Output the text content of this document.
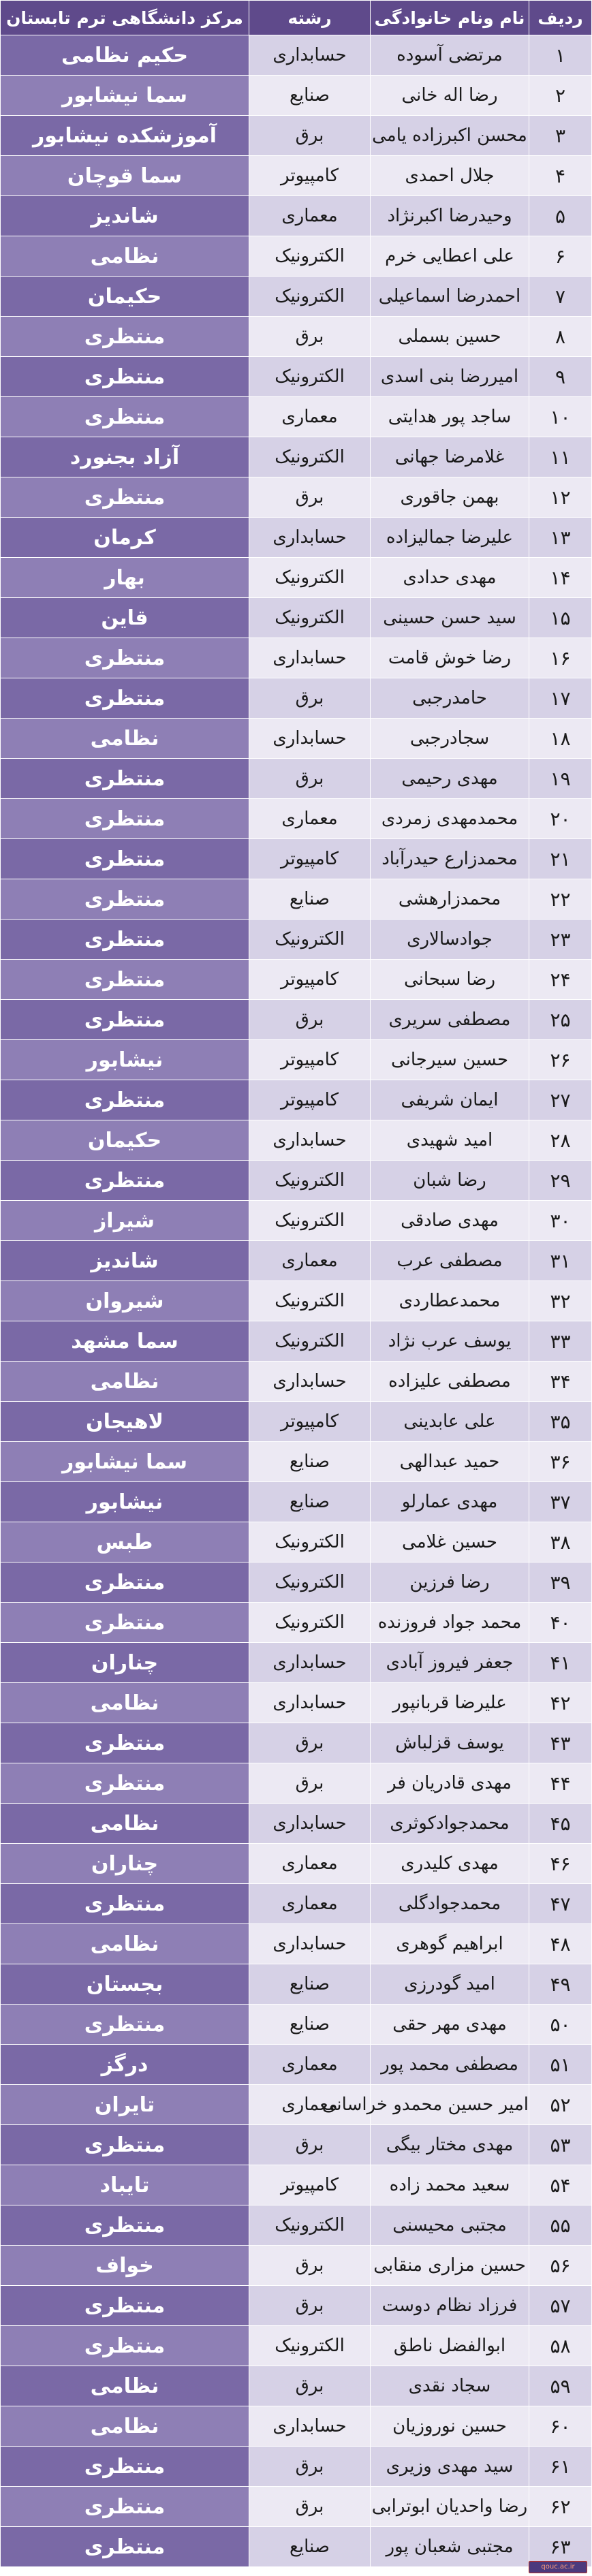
ردیف	نام ونام خانوادگی	رشته	مرکز دانشگاهی ترم تابستان
۱	مرتضی آسوده	حسابداری	حکیم نظامی
۲	رضا اله خانی	صنایع	سما نیشابور
۳	محسن اکبرزاده یامی	برق	آموزشکده نیشابور
۴	جلال احمدی	کامپیوتر	سما قوچان
۵	وحیدرضا اکبرنژاد	معماری	شاندیز
۶	علی اعطایی خرم	الکترونیک	نظامی
۷	احمدرضا اسماعیلی	الکترونیک	حکیمان
۸	حسین بسملی	برق	منتظری
۹	امیررضا بنی اسدی	الکترونیک	منتظری
۱۰	ساجد پور هدایتی	معماری	منتظری
۱۱	غلامرضا جهانی	الکترونیک	آزاد بجنورد
۱۲	بهمن جاقوری	برق	منتظری
۱۳	علیرضا جمالیزاده	حسابداری	کرمان
۱۴	مهدی حدادی	الکترونیک	بهار
۱۵	سید حسن حسینی	الکترونیک	قاین
۱۶	رضا خوش قامت	حسابداری	منتظری
۱۷	حامدرجبی	برق	منتظری
۱۸	سجادرجبی	حسابداری	نظامی
۱۹	مهدی رحیمی	برق	منتظری
۲۰	محمدمهدی زمردی	معماری	منتظری
۲۱	محمدزارع حیدرآباد	کامپیوتر	منتظری
۲۲	محمدزارهشی	صنایع	منتظری
۲۳	جوادسالاری	الکترونیک	منتظری
۲۴	رضا سبحانی	کامپیوتر	منتظری
۲۵	مصطفی سریری	برق	منتظری
۲۶	حسین سیرجانی	کامپیوتر	نیشابور
۲۷	ایمان شریفی	کامپیوتر	منتظری
۲۸	امید شهیدی	حسابداری	حکیمان
۲۹	رضا شبان	الکترونیک	منتظری
۳۰	مهدی صادقی	الکترونیک	شیراز
۳۱	مصطفی عرب	معماری	شاندیز
۳۲	محمدعطاردی	الکترونیک	شیروان
۳۳	یوسف عرب نژاد	الکترونیک	سما مشهد
۳۴	مصطفی علیزاده	حسابداری	نظامی
۳۵	علی عابدینی	کامپیوتر	لاهیجان
۳۶	حمید عبدالهی	صنایع	سما نیشابور
۳۷	مهدی عمارلو	صنایع	نیشابور
۳۸	حسین غلامی	الکترونیک	طبس
۳۹	رضا فرزین	الکترونیک	منتظری
۴۰	محمد جواد فروزنده	الکترونیک	منتظری
۴۱	جعفر فیروز آبادی	حسابداری	چناران
۴۲	علیرضا قربانپور	حسابداری	نظامی
۴۳	یوسف قزلباش	برق	منتظری
۴۴	مهدی قادریان فر	برق	منتظری
۴۵	محمدجوادکوثری	حسابداری	نظامی
۴۶	مهدی کلیدری	معماری	چناران
۴۷	محمدجوادگلی	معماری	منتظری
۴۸	ابراهیم گوهری	حسابداری	نظامی
۴۹	امید گودرزی	صنایع	بجستان
۵۰	مهدی مهر حقی	صنایع	منتظری
۵۱	مصطفی محمد پور	معماری	درگز
۵۲	امیر حسین محمدو خراسانی	معماری	تایران
۵۳	مهدی مختار بیگی	برق	منتظری
۵۴	سعید محمد زاده	کامپیوتر	تایباد
۵۵	مجتبی محیسنی	الکترونیک	منتظری
۵۶	حسین مزاری منقابی	برق	خواف
۵۷	فرزاد نظام دوست	برق	منتظری
۵۸	ابوالفضل ناطق	الکترونیک	منتظری
۵۹	سجاد نقدی	برق	نظامی
۶۰	حسین نوروزیان	حسابداری	نظامی
۶۱	سید مهدی وزیری	برق	منتظری
۶۲	رضا واحدیان ابوترابی	برق	منتظری
۶۳	مجتبی شعبان پور	صنایع	منتظری
qouc.ac.ir
